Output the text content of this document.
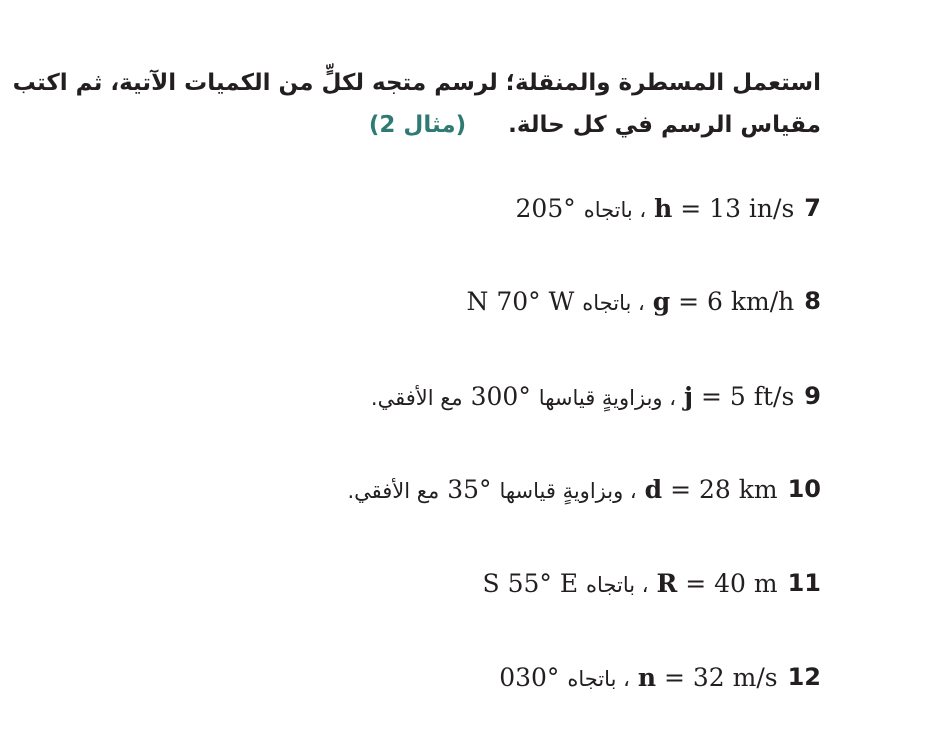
استعمل المسطرة والمنقلة؛ لرسم متجه لكلٍّ من الكميات الآتية، ثم اكتب مقياس الرسم في كل حالة. (مثال 2)
7
h = 13 in/s ، باتجاه 205°
8
g = 6 km/h ، باتجاه N 70° W
9
j = 5 ft/s ، وبزاويةٍ قياسها 300° مع الأفقي.
10
d = 28 km ، وبزاويةٍ قياسها 35° مع الأفقي.
11
R = 40 m ، باتجاه S 55° E
12
n = 32 m/s ، باتجاه 030°
